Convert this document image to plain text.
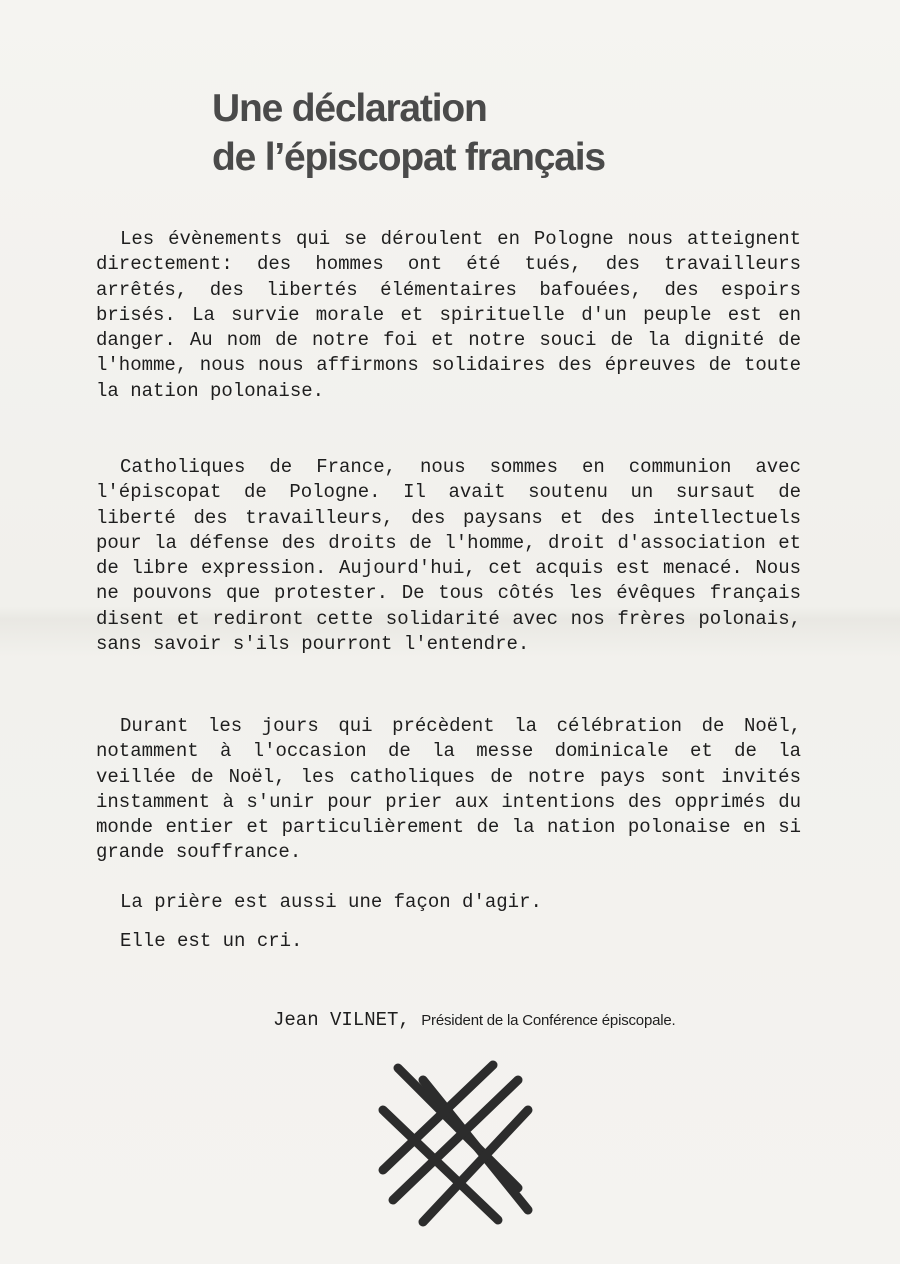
Une déclaration
de l’épiscopat français

Les évènements qui se déroulent en Pologne nous atteignent directement: des hommes ont été tués, des travailleurs arrêtés, des libertés élémentaires bafouées, des espoirs brisés. La survie morale et spirituelle d'un peuple est en danger. Au nom de notre foi et notre souci de la dignité de l'homme, nous nous affirmons solidaires des épreuves de toute la nation polonaise.

Catholiques de France, nous sommes en communion avec l'épiscopat de Pologne. Il avait soutenu un sursaut de liberté des travailleurs, des paysans et des intellectuels pour la défense des droits de l'homme, droit d'association et de libre expression. Aujourd'hui, cet acquis est menacé. Nous ne pouvons que protester. De tous côtés les évêques français disent et rediront cette solidarité avec nos frères polonais, sans savoir s'ils pourront l'entendre.

Durant les jours qui précèdent la célébration de Noël, notamment à l'occasion de la messe dominicale et de la veillée de Noël, les catholiques de notre pays sont invités instamment à s'unir pour prier aux intentions des opprimés du monde entier et particulièrement de la nation polonaise en si grande souffrance.

La prière est aussi une façon d'agir.

Elle est un cri.

Jean VILNET, Président de la Conférence épiscopale.
